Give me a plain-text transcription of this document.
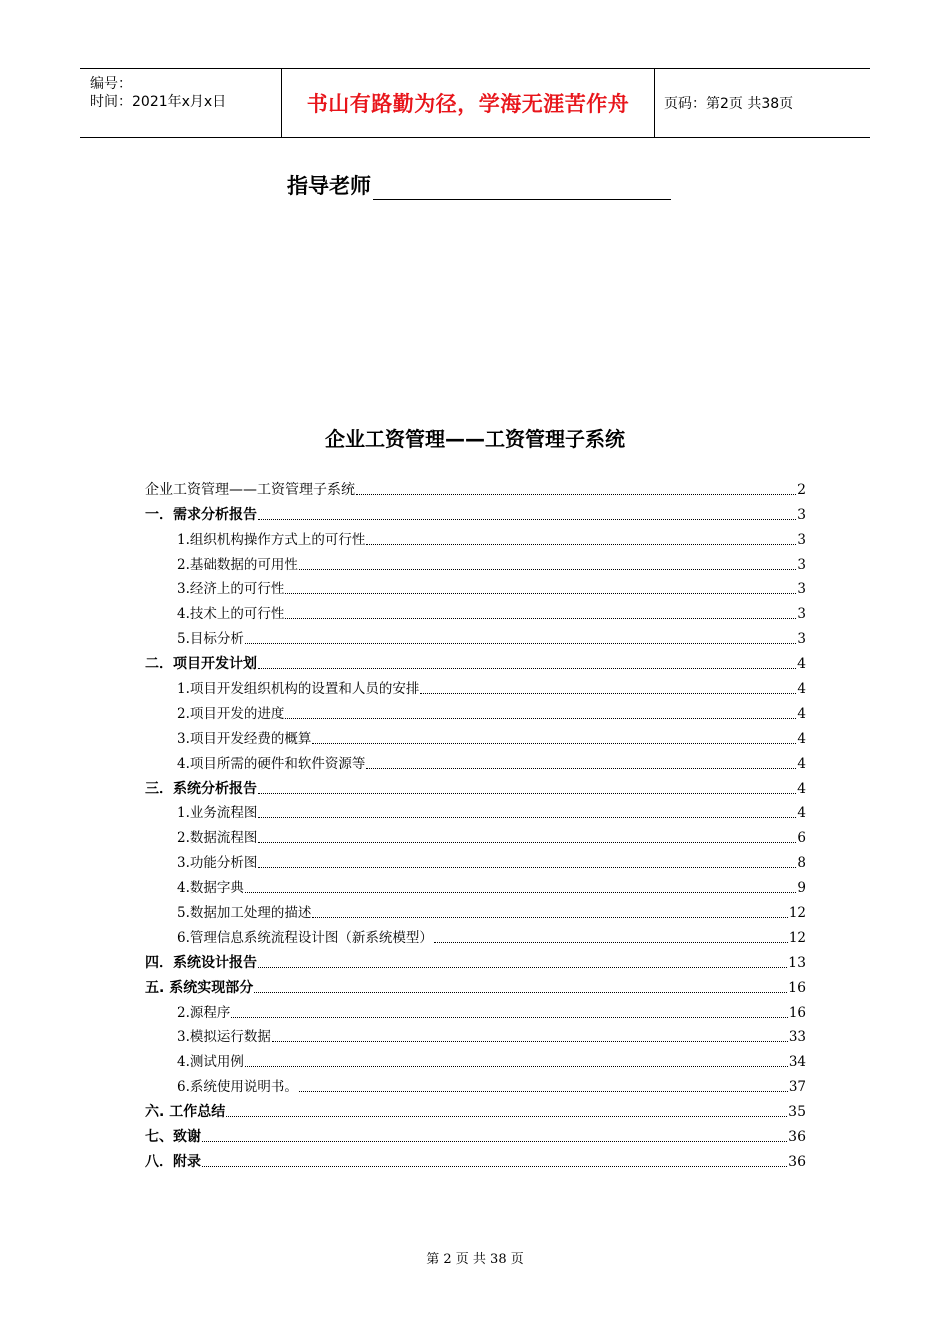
编号：
时间：2021年x月x日	书山有路勤为径，学海无涯苦作舟	页码：第2页 共38页
指导老师
企业工资管理——工资管理子系统
企业工资管理——工资管理子系统	2
一．需求分析报告	3
1.组织机构操作方式上的可行性	3
2.基础数据的可用性	3
3.经济上的可行性	3
4.技术上的可行性	3
5.目标分析	3
二．项目开发计划	4
1.项目开发组织机构的设置和人员的安排	4
2.项目开发的进度	4
3.项目开发经费的概算	4
4.项目所需的硬件和软件资源等	4
三．系统分析报告	4
1.业务流程图	4
2.数据流程图	6
3.功能分析图	8
4.数据字典	9
5.数据加工处理的描述	12
6.管理信息系统流程设计图（新系统模型）	12
四．系统设计报告	13
五. 系统实现部分	16
2.源程序	16
3.模拟运行数据	33
4.测试用例	34
6.系统使用说明书。	37
六. 工作总结	35
七、致谢	36
八．附录	36
第 2 页 共 38 页
